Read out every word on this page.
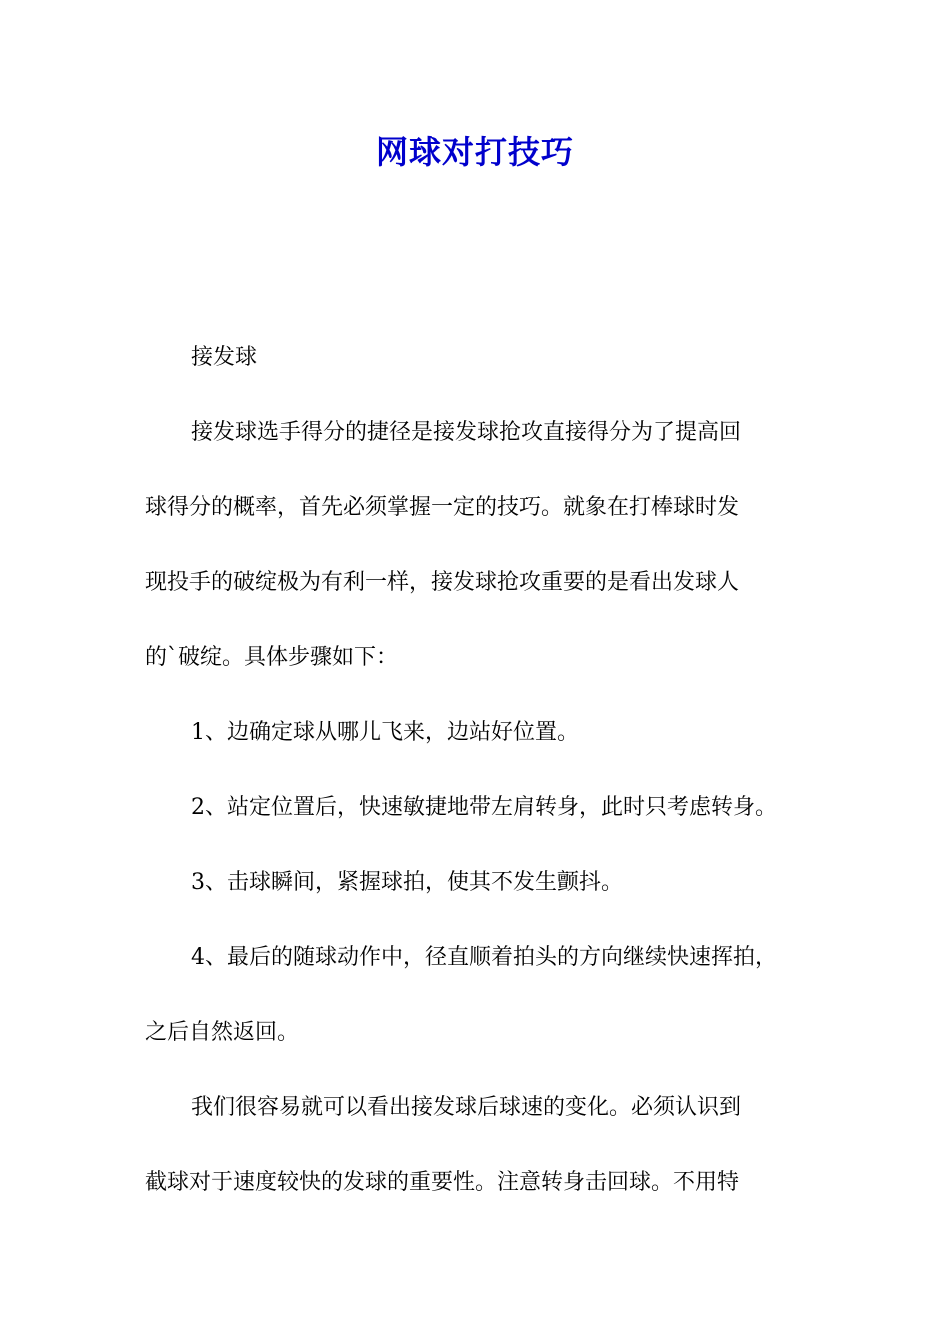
网球对打技巧
接发球
接发球选手得分的捷径是接发球抢攻直接得分为了提高回
球得分的概率，首先必须掌握一定的技巧。就象在打棒球时发
现投手的破绽极为有利一样，接发球抢攻重要的是看出发球人
的`破绽。具体步骤如下：
1、边确定球从哪儿飞来，边站好位置。
2、站定位置后，快速敏捷地带左肩转身，此时只考虑转身。
3、击球瞬间，紧握球拍，使其不发生颤抖。
4、最后的随球动作中，径直顺着拍头的方向继续快速挥拍，
之后自然返回。
我们很容易就可以看出接发球后球速的变化。必须认识到
截球对于速度较快的发球的重要性。注意转身击回球。不用特
